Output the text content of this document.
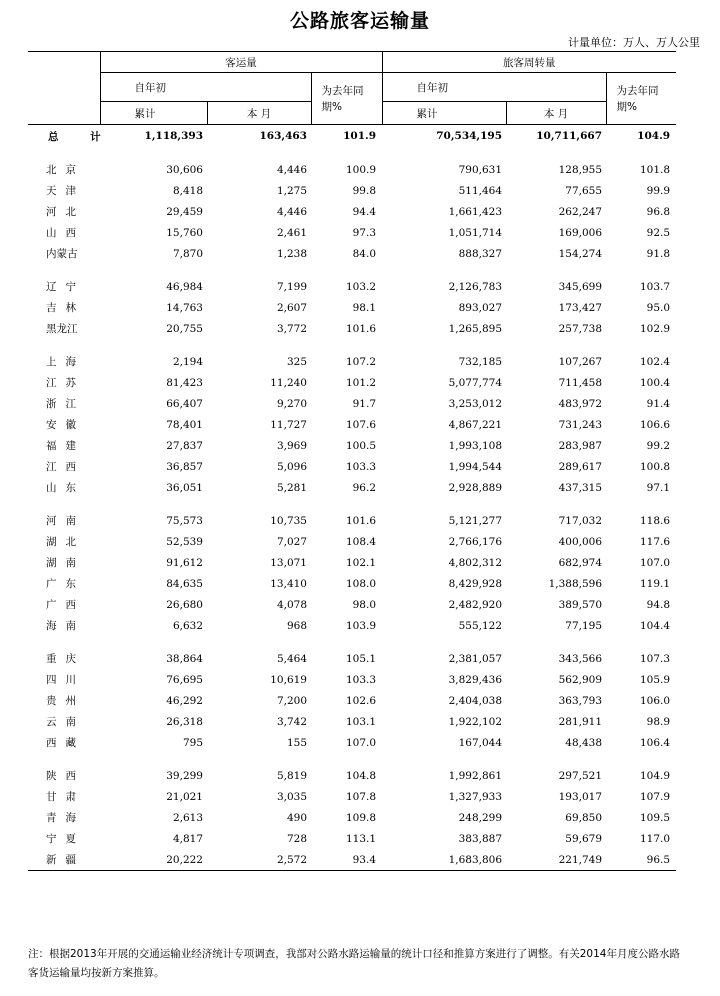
公路旅客运输量
计量单位：万人、万人公里
	客运量			旅客周转量		
	自年初		为去年同
期%	自年初		为去年同
期%
	累计	本 月		累计	本 月	

总 计	1,118,393	163,463	101.9	70,534,195	10,711,667	104.9

北京	30,606	4,446	100.9	790,631	128,955	101.8
天津	8,418	1,275	99.8	511,464	77,655	99.9
河北	29,459	4,446	94.4	1,661,423	262,247	96.8
山西	15,760	2,461	97.3	1,051,714	169,006	92.5
内蒙古	7,870	1,238	84.0	888,327	154,274	91.8

辽宁	46,984	7,199	103.2	2,126,783	345,699	103.7
吉林	14,763	2,607	98.1	893,027	173,427	95.0
黑龙江	20,755	3,772	101.6	1,265,895	257,738	102.9

上海	2,194	325	107.2	732,185	107,267	102.4
江苏	81,423	11,240	101.2	5,077,774	711,458	100.4
浙江	66,407	9,270	91.7	3,253,012	483,972	91.4
安徽	78,401	11,727	107.6	4,867,221	731,243	106.6
福建	27,837	3,969	100.5	1,993,108	283,987	99.2
江西	36,857	5,096	103.3	1,994,544	289,617	100.8
山东	36,051	5,281	96.2	2,928,889	437,315	97.1

河南	75,573	10,735	101.6	5,121,277	717,032	118.6
湖北	52,539	7,027	108.4	2,766,176	400,006	117.6
湖南	91,612	13,071	102.1	4,802,312	682,974	107.0
广东	84,635	13,410	108.0	8,429,928	1,388,596	119.1
广西	26,680	4,078	98.0	2,482,920	389,570	94.8
海南	6,632	968	103.9	555,122	77,195	104.4

重庆	38,864	5,464	105.1	2,381,057	343,566	107.3
四川	76,695	10,619	103.3	3,829,436	562,909	105.9
贵州	46,292	7,200	102.6	2,404,038	363,793	106.0
云南	26,318	3,742	103.1	1,922,102	281,911	98.9
西藏	795	155	107.0	167,044	48,438	106.4

陕西	39,299	5,819	104.8	1,992,861	297,521	104.9
甘肃	21,021	3,035	107.8	1,327,933	193,017	107.9
青海	2,613	490	109.8	248,299	69,850	109.5
宁夏	4,817	728	113.1	383,887	59,679	117.0
新疆	20,222	2,572	93.4	1,683,806	221,749	96.5
注：根据2013年开展的交通运输业经济统计专项调查，我部对公路水路运输量的统计口径和推算方案进行了调整。有关2014年月度公路水路客货运输量均按新方案推算。
